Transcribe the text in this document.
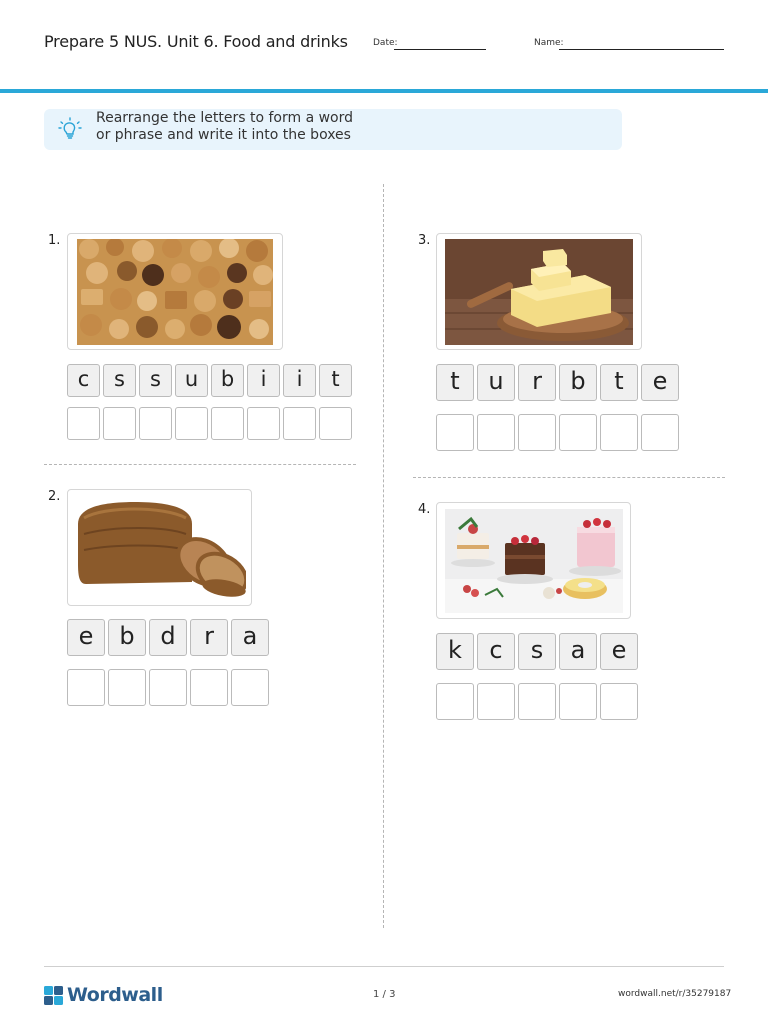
Prepare 5 NUS. Unit 6. Food and drinks	Date:	Name:
Rearrange the letters to form a word
or phrase and write it into the boxes
1.
c	s	s	u	b	i	i	t
2.
e	b	d	r	a
3.
t	u	r	b	t	e
4.
k	c	s	a	e
Wordwall	1 / 3	wordwall.net/r/35279187
